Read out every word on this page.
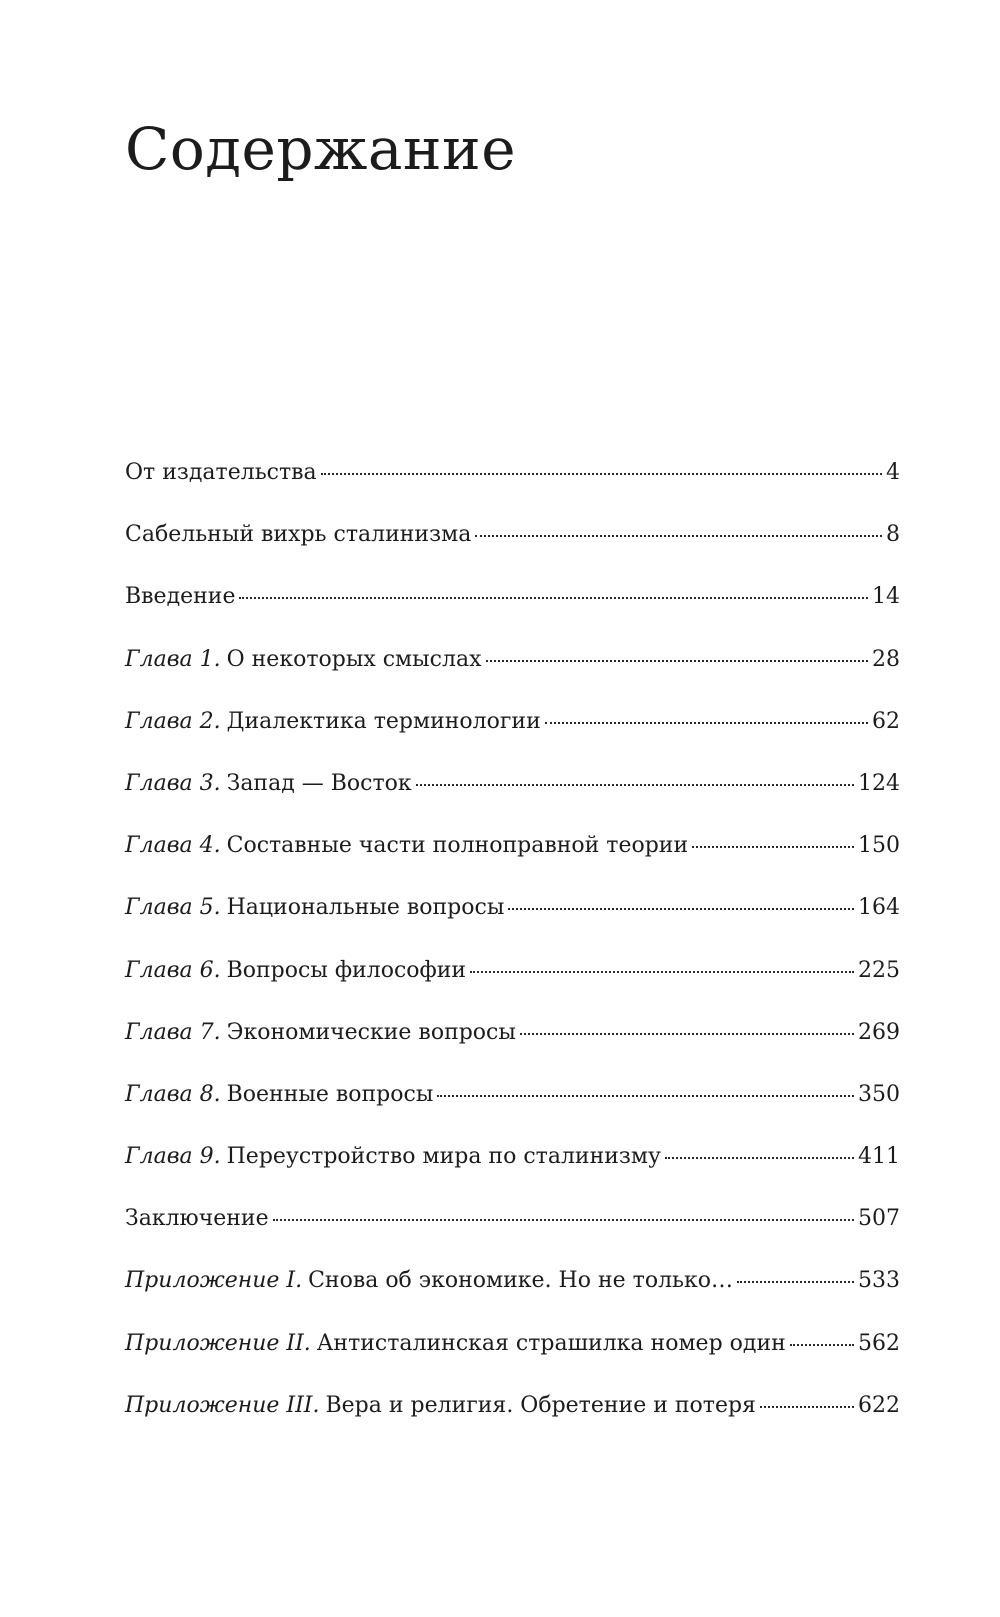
Содержание
От издательства	4
Сабельный вихрь сталинизма	8
Введение	14
Глава 1. О некоторых смыслах	28
Глава 2. Диалектика терминологии	62
Глава 3. Запад — Восток	124
Глава 4. Составные части полноправной теории	150
Глава 5. Национальные вопросы	164
Глава 6. Вопросы философии	225
Глава 7. Экономические вопросы	269
Глава 8. Военные вопросы	350
Глава 9. Переустройство мира по сталинизму	411
Заключение	507
Приложение I. Снова об экономике. Но не только…	533
Приложение II. Антисталинская страшилка номер один	562
Приложение III. Вера и религия. Обретение и потеря	622
